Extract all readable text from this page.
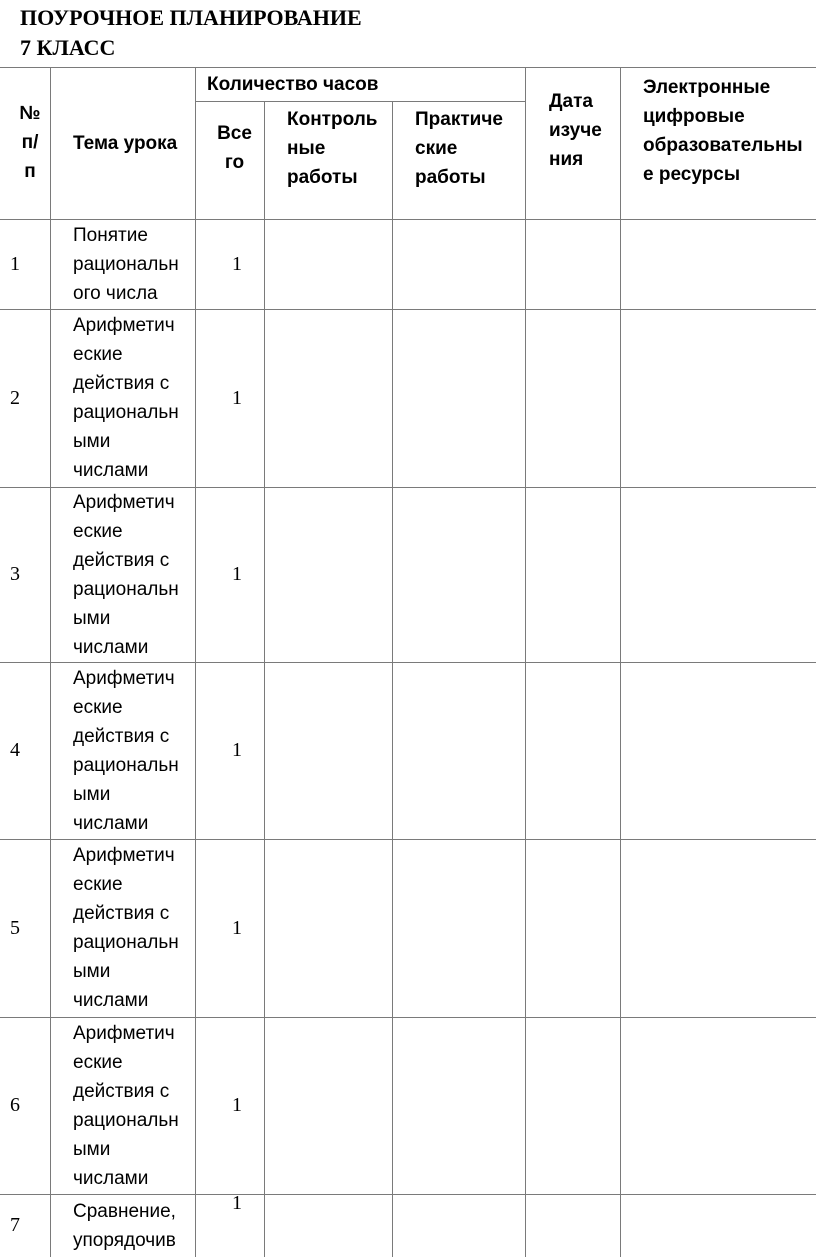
ПОУРОЧНОЕ ПЛАНИРОВАНИЕ

7 КЛАСС

№
п/
п
Тема урока
Количество часов
Все
го
Контроль
ные
работы
Практиче
ские
работы
Дата
изуче
ния
Электронные
цифровые
образовательны
е ресурсы
1
Понятие
рациональн
ого числа
1
2
Арифметич
еские
действия с
рациональн
ыми
числами
1
3
Арифметич
еские
действия с
рациональн
ыми
числами
1
4
Арифметич
еские
действия с
рациональн
ыми
числами
1
5
Арифметич
еские
действия с
рациональн
ыми
числами
1
6
Арифметич
еские
действия с
рациональн
ыми
числами
1
7
Сравнение,
упорядочив
1
